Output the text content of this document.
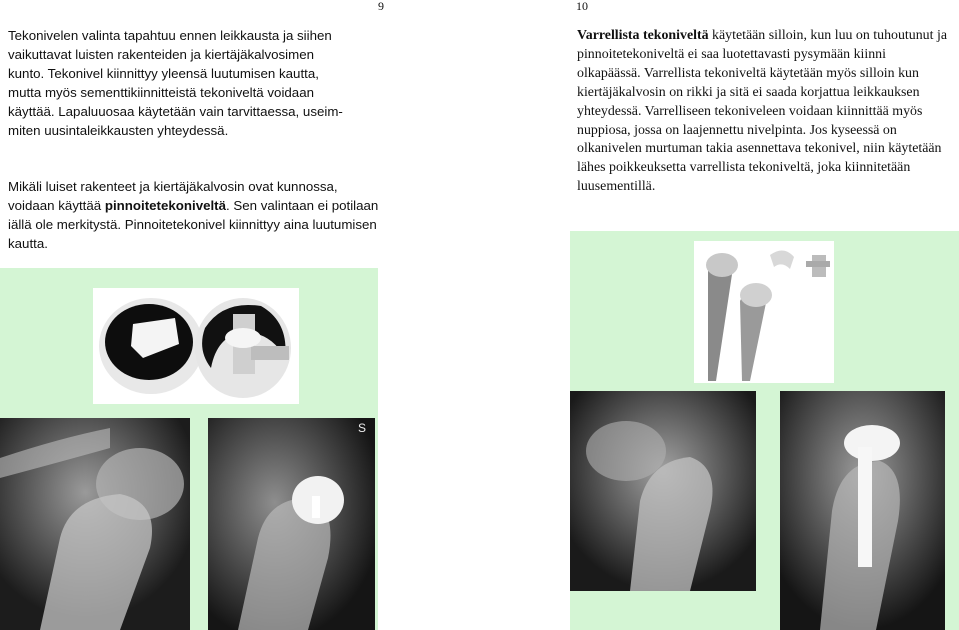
9

Tekonivelen valinta tapahtuu ennen leikkausta ja siihen
vaikuttavat luisten rakenteiden ja kiertäjäkalvosimen
kunto. Tekonivel kiinnittyy yleensä luutumisen kautta,
mutta myös sementtikiinnitteistä tekoniveltä voidaan
käyttää. Lapaluuosaa käytetään vain tarvittaessa, useim-
miten uusintaleikkausten yhteydessä.

Mikäli luiset rakenteet ja kiertäjäkalvosin ovat kunnossa, voidaan käyttää pinnoitetekoniveltä. Sen valintaan ei potilaan iällä ole merkitystä. Pinnoitetekonivel kiinnittyy aina luutumisen kautta.

S
10

Varrellista tekoniveltä käytetään silloin, kun luu on tuhoutunut ja pinnoitetekoniveltä ei saa luotettavasti pysymään kiinni olkapäässä. Varrellista tekoniveltä käytetään myös silloin kun kiertäjäkalvosin on rikki ja sitä ei saada korjattua leikkauksen yhteydessä. Varrelliseen tekoniveleen voidaan kiinnittää myös nuppiosa, jossa on laajennettu nivelpinta. Jos kyseessä on olkanivelen murtuman takia asennettava tekonivel, niin käytetään lähes poikkeuksetta varrellista tekoniveltä, joka kiinnitetään luusementillä.
